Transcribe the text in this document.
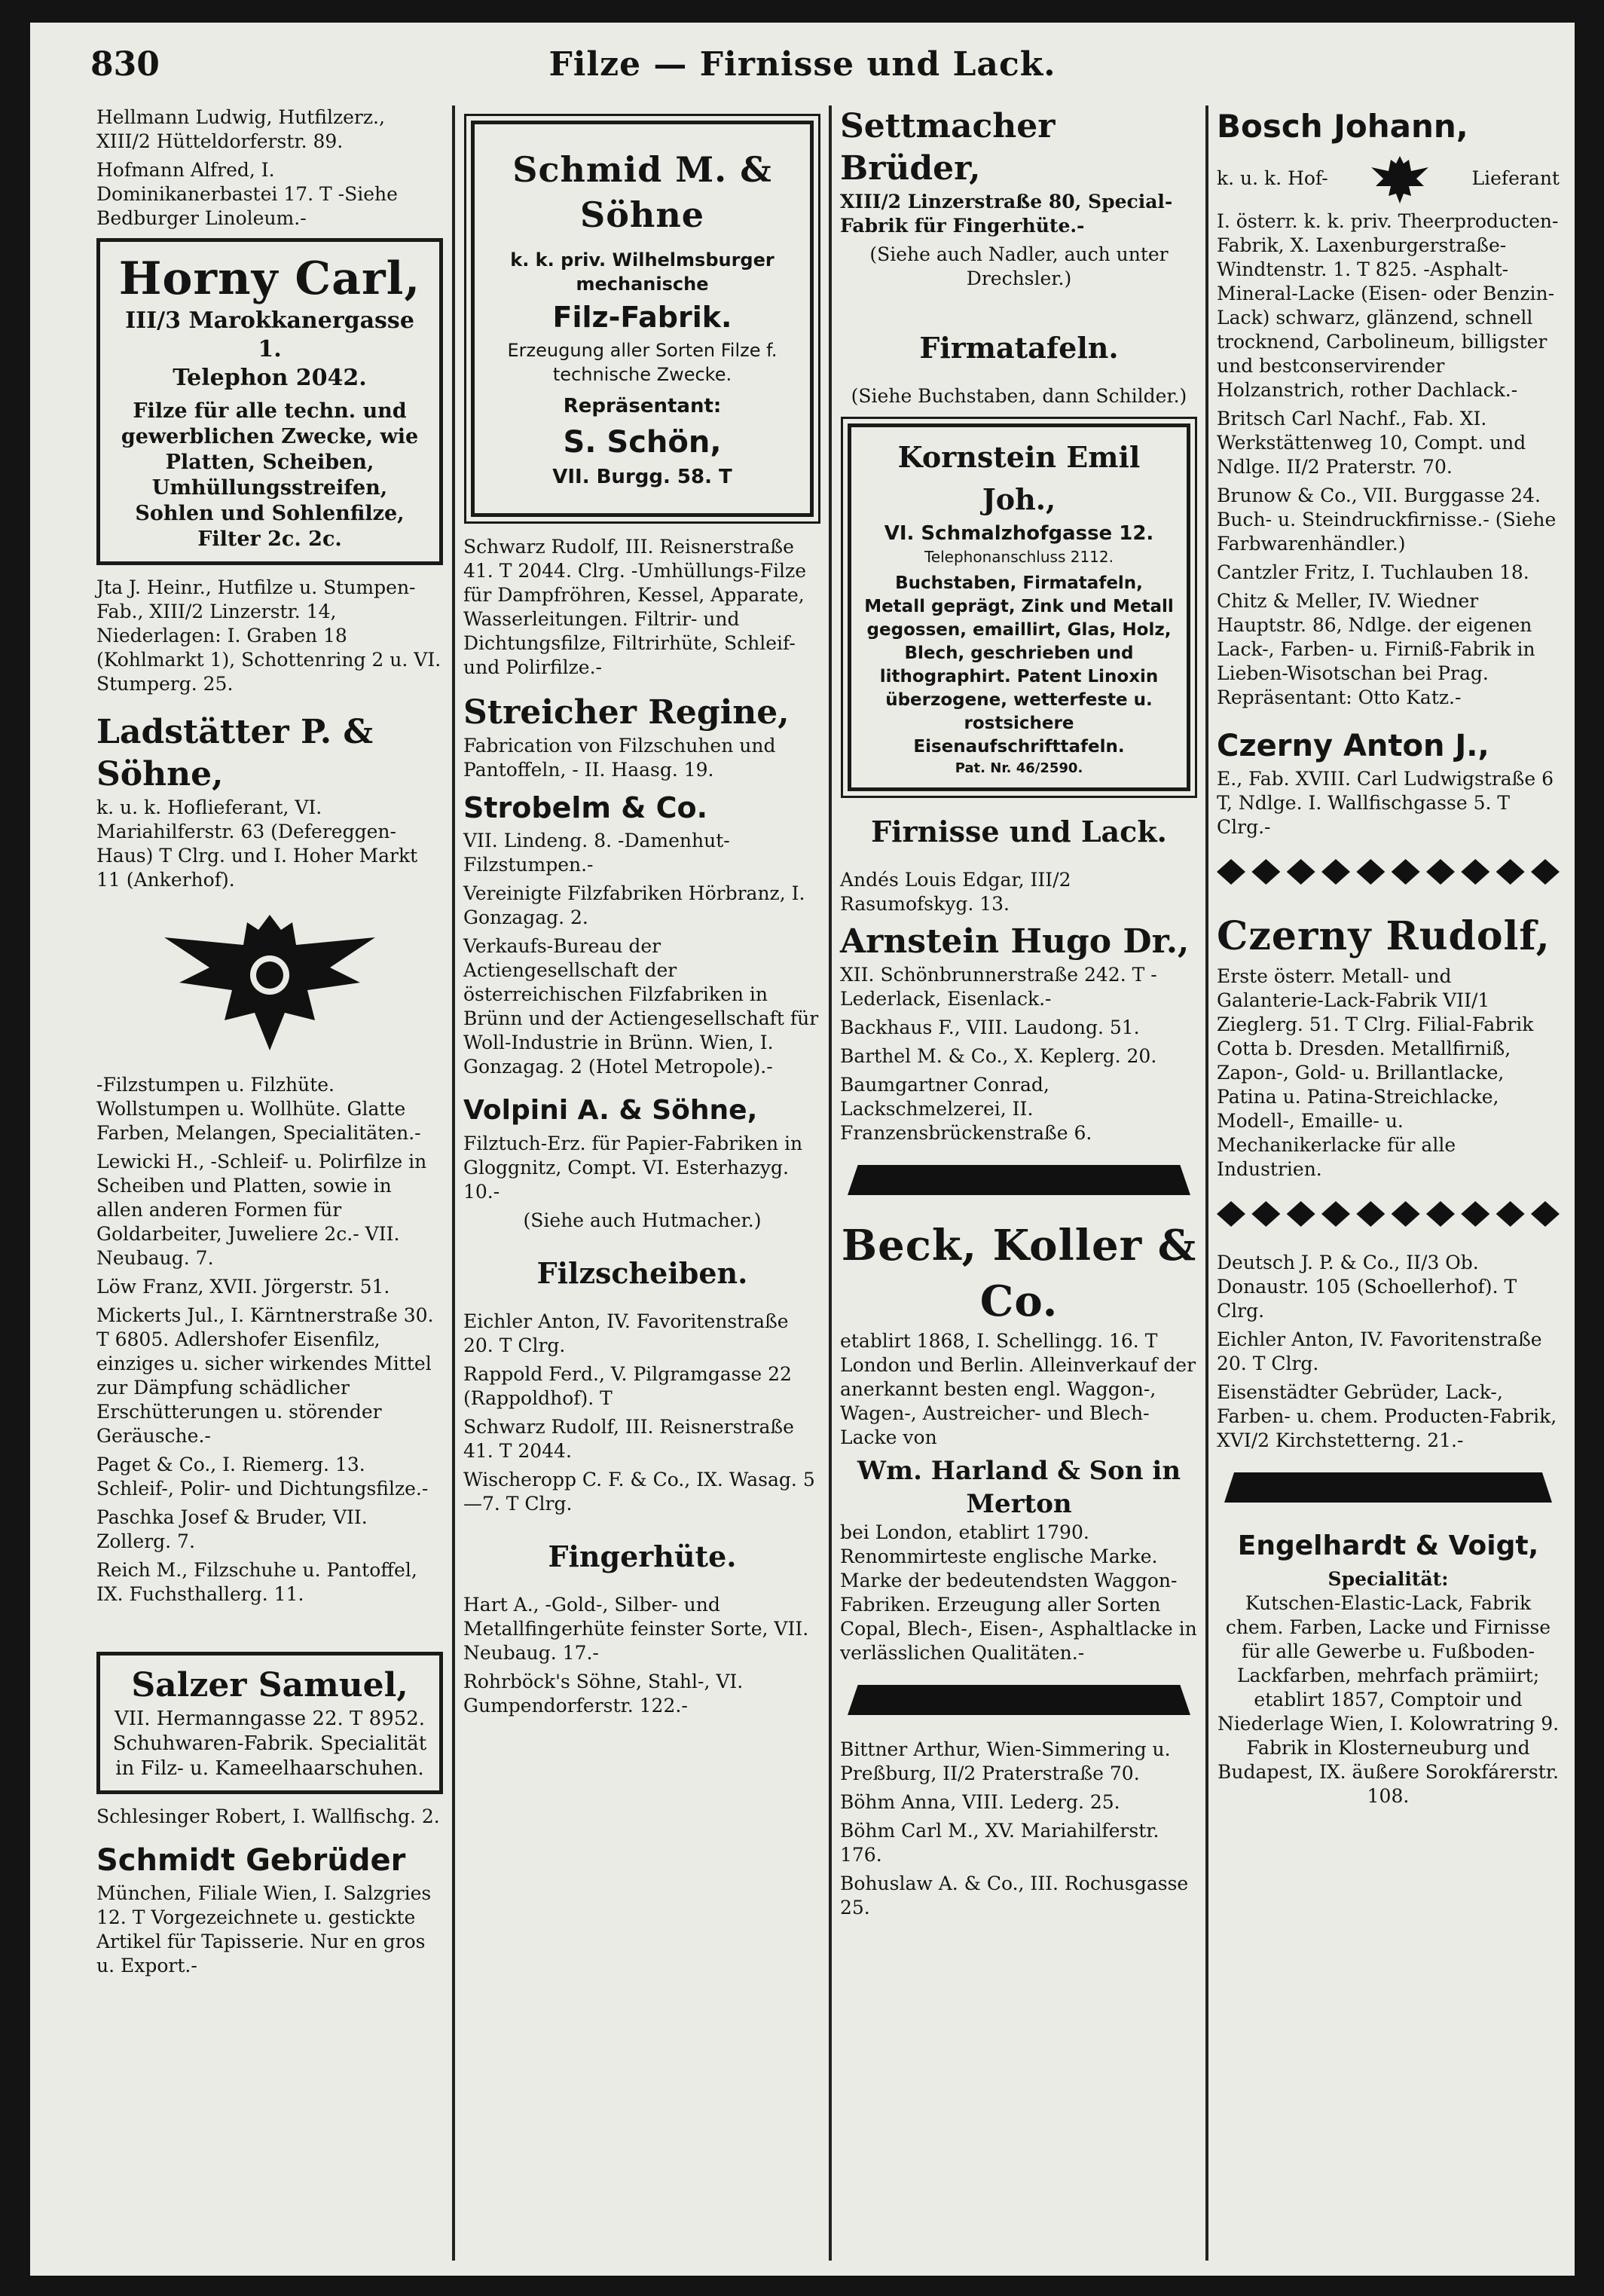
Filze — Firnisse und Lack.
830

Hellmann Ludwig, Hutfilzerz., XIII/2 Hütteldorferstr. 89.

Hofmann Alfred, I. Dominikanerbastei 17. T -Siehe Bedburger Linoleum.-

Horny Carl,
III/3 Marokkanergasse 1.
Telephon 2042.
Filze für alle techn. und gewerblichen Zwecke, wie Platten, Scheiben, Umhüllungsstreifen, Sohlen und Sohlenfilze, Filter 2c. 2c.

Jta J. Heinr., Hutfilze u. Stumpen-Fab., XIII/2 Linzerstr. 14, Niederlagen: I. Graben 18 (Kohlmarkt 1), Schottenring 2 u. VI. Stumperg. 25.

Ladstätter P. & Söhne,

k. u. k. Hoflieferant, VI. Mariahilferstr. 63 (Defereggen-Haus) T Clrg. und I. Hoher Markt 11 (Ankerhof).

-Filzstumpen u. Filzhüte. Wollstumpen u. Wollhüte. Glatte Farben, Melangen, Specialitäten.-

Lewicki H., -Schleif- u. Polirfilze in Scheiben und Platten, sowie in allen anderen Formen für Goldarbeiter, Juweliere 2c.- VII. Neubaug. 7.

Löw Franz, XVII. Jörgerstr. 51.

Mickerts Jul., I. Kärntnerstraße 30. T 6805. Adlershofer Eisenfilz, einziges u. sicher wirkendes Mittel zur Dämpfung schädlicher Erschütterungen u. störender Geräusche.-

Paget & Co., I. Riemerg. 13. Schleif-, Polir- und Dichtungsfilze.-

Paschka Josef & Bruder, VII. Zollerg. 7.

Reich M., Filzschuhe u. Pantoffel, IX. Fuchsthallerg. 11.

Salzer Samuel,
VII. Hermanngasse 22. T 8952. Schuhwaren-Fabrik. Specialität in Filz- u. Kameelhaarschuhen.

Schlesinger Robert, I. Wallfischg. 2.

Schmidt Gebrüder

München, Filiale Wien, I. Salzgries 12. T Vorgezeichnete u. gestickte Artikel für Tapisserie. Nur en gros u. Export.-

Schmid M. & Söhne
k. k. priv. Wilhelmsburger mechanische
Filz-Fabrik.
Erzeugung aller Sorten Filze f. technische Zwecke.
Repräsentant:
S. Schön,
VII. Burgg. 58. T

Schwarz Rudolf, III. Reisnerstraße 41. T 2044. Clrg. -Umhüllungs-Filze für Dampfröhren, Kessel, Apparate, Wasserleitungen. Filtrir- und Dichtungsfilze, Filtrirhüte, Schleif- und Polirfilze.-

Streicher Regine,

Fabrication von Filzschuhen und Pantoffeln, - II. Haasg. 19.

Strobelm & Co.

VII. Lindeng. 8. -Damenhut-Filzstumpen.-

Vereinigte Filzfabriken Hörbranz, I. Gonzagag. 2.

Verkaufs-Bureau der Actiengesellschaft der österreichischen Filzfabriken in Brünn und der Actiengesellschaft für Woll-Industrie in Brünn. Wien, I. Gonzagag. 2 (Hotel Metropole).-

Volpini A. & Söhne,

Filztuch-Erz. für Papier-Fabriken in Gloggnitz, Compt. VI. Esterhazyg. 10.-

(Siehe auch Hutmacher.)

Filzscheiben.

Eichler Anton, IV. Favoritenstraße 20. T Clrg.

Rappold Ferd., V. Pilgramgasse 22 (Rappoldhof). T

Schwarz Rudolf, III. Reisnerstraße 41. T 2044.

Wischeropp C. F. & Co., IX. Wasag. 5—7. T Clrg.

Fingerhüte.

Hart A., -Gold-, Silber- und Metallfingerhüte feinster Sorte, VII. Neubaug. 17.-

Rohrböck's Söhne, Stahl-, VI. Gumpendorferstr. 122.-

Settmacher Brüder,

XIII/2 Linzerstraße 80, Special-Fabrik für Fingerhüte.-

(Siehe auch Nadler, auch unter Drechsler.)

Firmatafeln.

(Siehe Buchstaben, dann Schilder.)

Kornstein Emil Joh.,
VI. Schmalzhofgasse 12.
Telephonanschluss 2112.
Buchstaben, Firmatafeln, Metall geprägt, Zink und Metall gegossen, emaillirt, Glas, Holz, Blech, geschrieben und lithographirt. Patent Linoxin überzogene, wetterfeste u. rostsichere Eisenaufschrifttafeln.
Pat. Nr. 46/2590.
Firnisse und Lack.

Andés Louis Edgar, III/2 Rasumofskyg. 13.

Arnstein Hugo Dr.,

XII. Schönbrunnerstraße 242. T -Lederlack, Eisenlack.-

Backhaus F., VIII. Laudong. 51.

Barthel M. & Co., X. Keplerg. 20.

Baumgartner Conrad, Lackschmelzerei, II. Franzensbrückenstraße 6.

Beck, Koller & Co.

etablirt 1868, I. Schellingg. 16. T London und Berlin. Alleinverkauf der anerkannt besten engl. Waggon-, Wagen-, Austreicher- und Blech-Lacke von

Wm. Harland & Son in Merton

bei London, etablirt 1790. Renommirteste englische Marke. Marke der bedeutendsten Waggon-Fabriken. Erzeugung aller Sorten Copal, Blech-, Eisen-, Asphaltlacke in verlässlichen Qualitäten.-

Bittner Arthur, Wien-Simmering u. Preßburg, II/2 Praterstraße 70.

Böhm Anna, VIII. Lederg. 25.

Böhm Carl M., XV. Mariahilferstr. 176.

Bohuslaw A. & Co., III. Rochusgasse 25.

Bosch Johann,
k. u. k. Hof-	Lieferant

I. österr. k. k. priv. Theerproducten-Fabrik, X. Laxenburgerstraße-Windtenstr. 1. T 825. -Asphalt-Mineral-Lacke (Eisen- oder Benzin-Lack) schwarz, glänzend, schnell trocknend, Carbolineum, billigster und bestconservirender Holzanstrich, rother Dachlack.-

Britsch Carl Nachf., Fab. XI. Werkstättenweg 10, Compt. und Ndlge. II/2 Praterstr. 70.

Brunow & Co., VII. Burggasse 24. Buch- u. Steindruckfirnisse.- (Siehe Farbwarenhändler.)

Cantzler Fritz, I. Tuchlauben 18.

Chitz & Meller, IV. Wiedner Hauptstr. 86, Ndlge. der eigenen Lack-, Farben- u. Firniß-Fabrik in Lieben-Wisotschan bei Prag. Repräsentant: Otto Katz.-

Czerny Anton J.,

E., Fab. XVIII. Carl Ludwigstraße 6 T, Ndlge. I. Wallfischgasse 5. T Clrg.-

Czerny Rudolf,

Erste österr. Metall- und Galanterie-Lack-Fabrik VII/1 Zieglerg. 51. T Clrg. Filial-Fabrik Cotta b. Dresden. Metallfirniß, Zapon-, Gold- u. Brillantlacke, Patina u. Patina-Streichlacke, Modell-, Emaille- u. Mechanikerlacke für alle Industrien.

Deutsch J. P. & Co., II/3 Ob. Donaustr. 105 (Schoellerhof). T Clrg.

Eichler Anton, IV. Favoritenstraße 20. T Clrg.

Eisenstädter Gebrüder, Lack-, Farben- u. chem. Producten-Fabrik, XVI/2 Kirchstetterng. 21.-

Engelhardt & Voigt,
Specialität:

Kutschen-Elastic-Lack, Fabrik chem. Farben, Lacke und Firnisse für alle Gewerbe u. Fußboden-Lackfarben, mehrfach prämiirt; etablirt 1857, Comptoir und Niederlage Wien, I. Kolowratring 9. Fabrik in Klosterneuburg und Budapest, IX. äußere Sorokfárerstr. 108.
